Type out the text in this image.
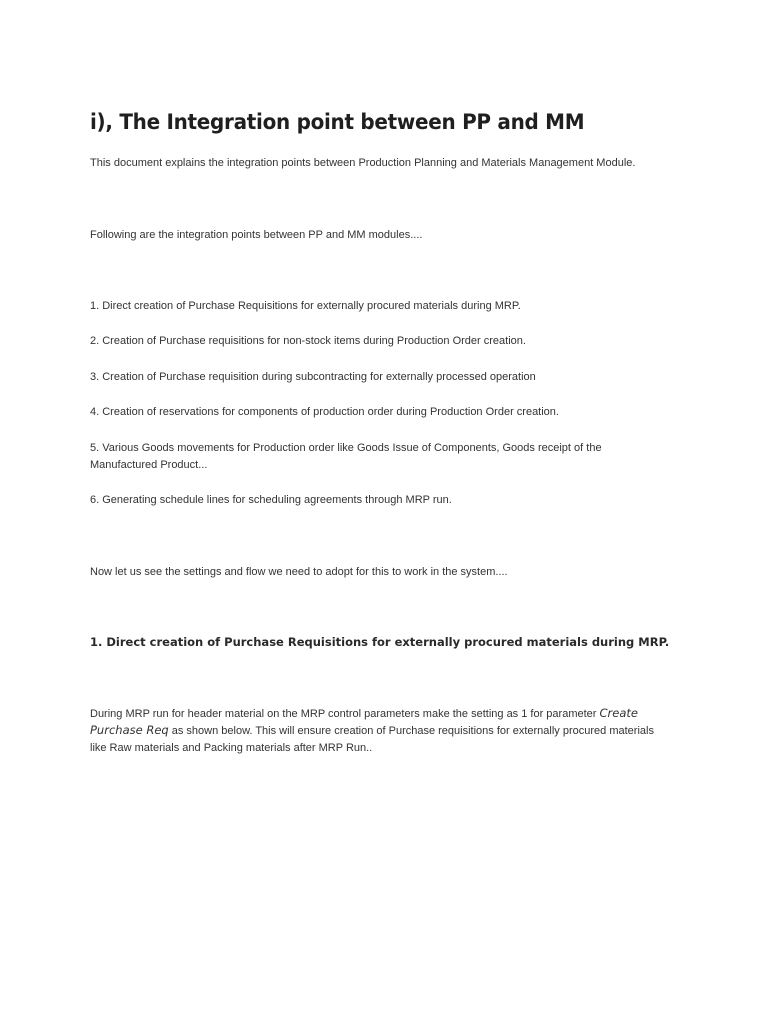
i), The Integration point between PP and MM
This document explains the integration points between Production Planning and Materials Management Module.
Following are the integration points between PP and MM modules....
1. Direct creation of Purchase Requisitions for externally procured materials during MRP.
2. Creation of Purchase requisitions for non-stock items during Production Order creation.
3. Creation of Purchase requisition during subcontracting for externally processed operation
4. Creation of reservations for components of production order during Production Order creation.
5. Various Goods movements for Production order like Goods Issue of Components, Goods receipt of the
Manufactured Product...
6. Generating schedule lines for scheduling agreements through MRP run.
Now let us see the settings and flow we need to adopt for this to work in the system....
1. Direct creation of Purchase Requisitions for externally procured materials during MRP.
During MRP run for header material on the MRP control parameters make the setting as 1 for parameter Create
Purchase Req as shown below. This will ensure creation of Purchase requisitions for externally procured materials
like Raw materials and Packing materials after MRP Run..
